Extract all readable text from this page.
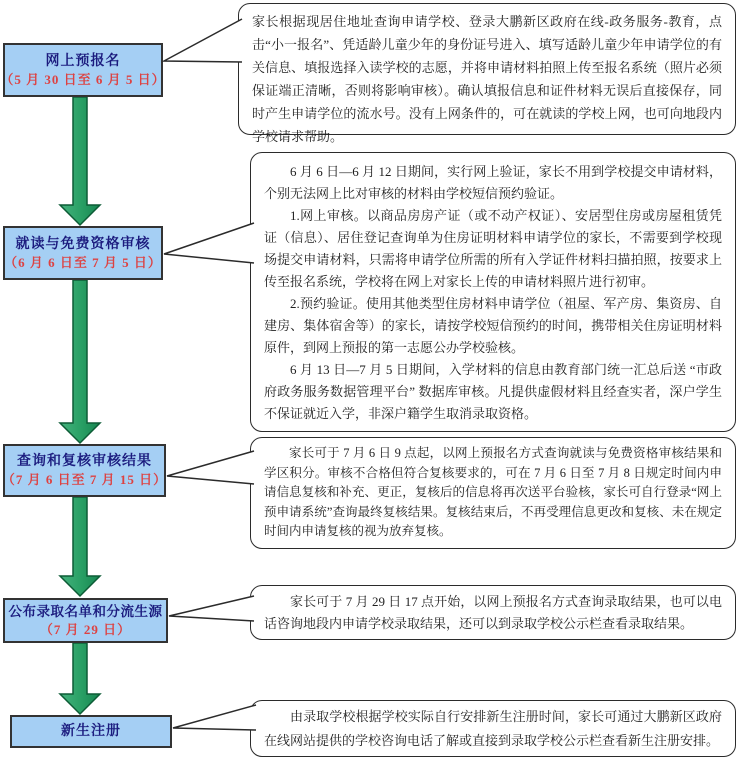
网上预报名
（5 月 30 日至 6 月 5 日）
就读与免费资格审核
（6 月 6 日至 7 月 5 日）
查询和复核审核结果
（7 月 6 日至 7 月 15 日）
公布录取名单和分流生源
（7 月 29 日）
新生注册

家长根据现居住地址查询申请学校、登录大鹏新区政府在线-政务服务-教育，点击“小一报名”、凭适龄儿童少年的身份证号进入、填写适龄儿童少年申请学位的有关信息、填报选择入读学校的志愿，并将申请材料拍照上传至报名系统（照片必须保证端正清晰，否则将影响审核）。确认填报信息和证件材料无误后直接保存，同时产生申请学位的流水号。没有上网条件的，可在就读的学校上网，也可向地段内学校请求帮助。

6 月 6 日—6 月 12 日期间，实行网上验证，家长不用到学校提交申请材料，个别无法网上比对审核的材料由学校短信预约验证。

1.网上审核。以商品房房产证（或不动产权证）、安居型住房或房屋租赁凭证（信息）、居住登记查询单为住房证明材料申请学位的家长，不需要到学校现场提交申请材料，只需将申请学位所需的所有入学证件材料扫描拍照，按要求上传至报名系统，学校将在网上对家长上传的申请材料照片进行初审。

2.预约验证。使用其他类型住房材料申请学位（祖屋、军产房、集资房、自建房、集体宿舍等）的家长，请按学校短信预约的时间，携带相关住房证明材料原件，到网上预报的第一志愿公办学校验核。

6 月 13 日—7 月 5 日期间，入学材料的信息由教育部门统一汇总后送 “市政府政务服务数据管理平台” 数据库审核。凡提供虚假材料且经查实者，深户学生不保证就近入学，非深户籍学生取消录取资格。

家长可于 7 月 6 日 9 点起，以网上预报名方式查询就读与免费资格审核结果和学区积分。审核不合格但符合复核要求的，可在 7 月 6 日至 7 月 8 日规定时间内申请信息复核和补充、更正，复核后的信息将再次送平台验核，家长可自行登录“网上预申请系统”查询最终复核结果。复核结束后，不再受理信息更改和复核、未在规定时间内申请复核的视为放弃复核。

家长可于 7 月 29 日 17 点开始，以网上预报名方式查询录取结果，也可以电话咨询地段内申请学校录取结果，还可以到录取学校公示栏查看录取结果。

由录取学校根据学校实际自行安排新生注册时间，家长可通过大鹏新区政府在线网站提供的学校咨询电话了解或直接到录取学校公示栏查看新生注册安排。
